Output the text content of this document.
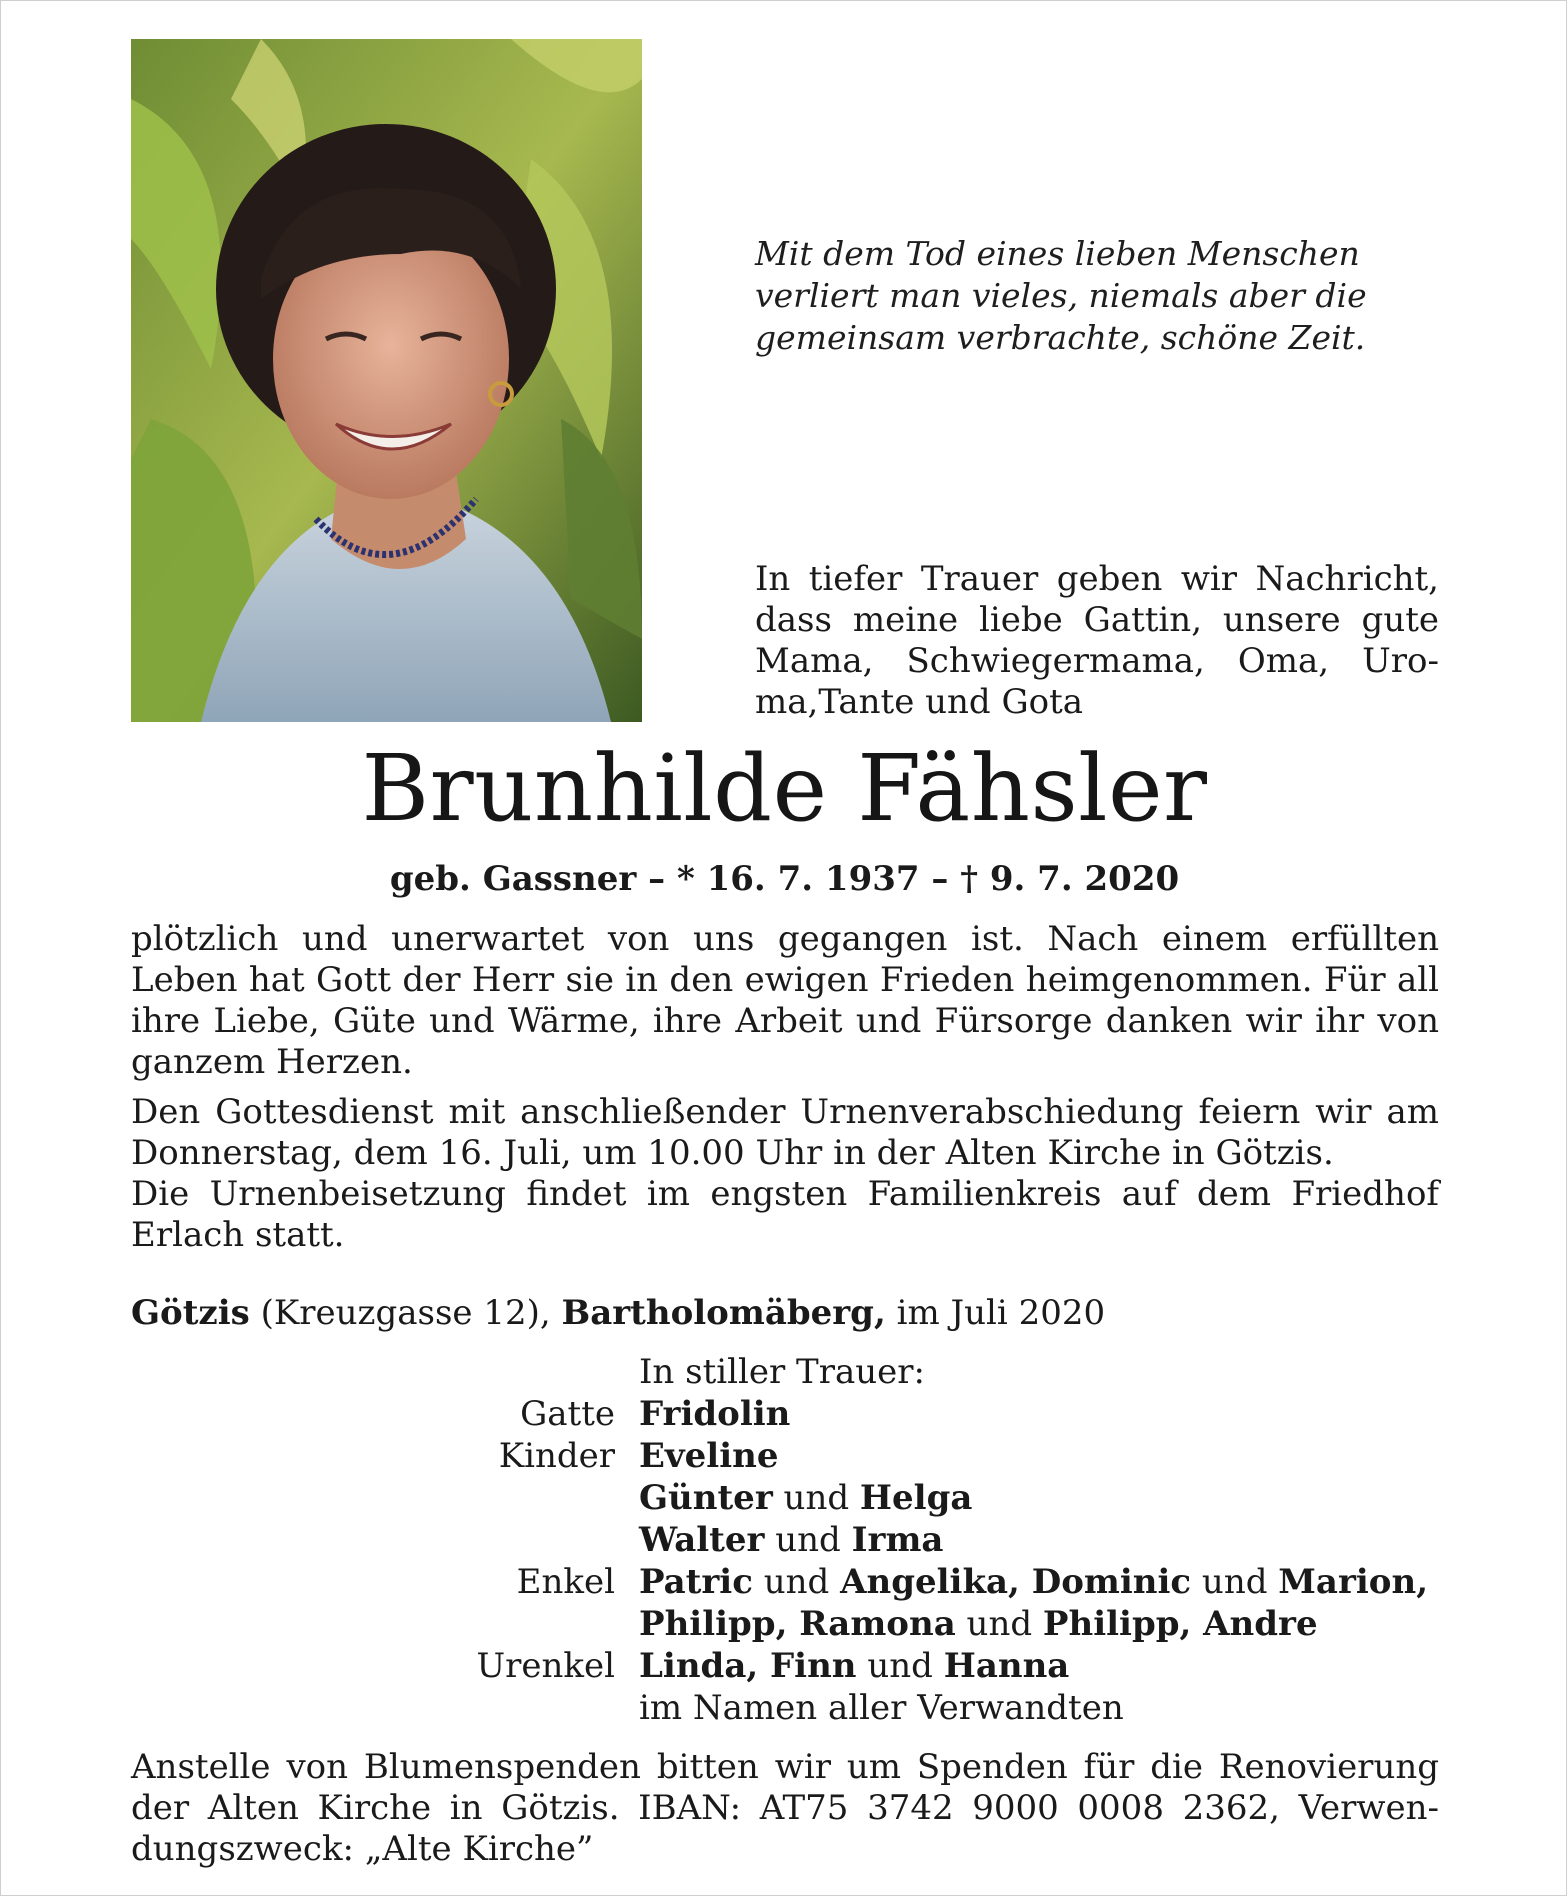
Mit dem Tod eines lieben Menschen
verliert man vieles, niemals aber die
gemeinsam verbrachte, schöne Zeit.
In tiefer Trauer geben wir Nachricht,
dass meine liebe Gattin, unsere gute
Mama, Schwiegermama, Oma, Uro-
ma,Tante und Gota
Brunhilde Fähsler
geb. Gassner – * 16. 7. 1937 – † 9. 7. 2020
plötzlich und unerwartet von uns gegangen ist. Nach einem erfüllten
Leben hat Gott der Herr sie in den ewigen Frieden heimgenommen. Für all
ihre Liebe, Güte und Wärme, ihre Arbeit und Fürsorge danken wir ihr von
ganzem Herzen.
Den Gottesdienst mit anschließender Urnenverabschiedung feiern wir am
Donnerstag, dem 16. Juli, um 10.00 Uhr in der Alten Kirche in Götzis.
Die Urnenbeisetzung findet im engsten Familienkreis auf dem Friedhof
Erlach statt.
Götzis (Kreuzgasse 12), Bartholomäberg, im Juli 2020
In stiller Trauer:
Gatte Fridolin
Kinder Eveline
Günter und Helga
Walter und Irma
Enkel Patric und Angelika, Dominic und Marion,
Philipp, Ramona und Philipp, Andre
Urenkel Linda, Finn und Hanna
im Namen aller Verwandten
Anstelle von Blumenspenden bitten wir um Spenden für die Renovierung
der Alten Kirche in Götzis. IBAN: AT75 3742 9000 0008 2362, Verwen-
dungszweck: „Alte Kirche”
